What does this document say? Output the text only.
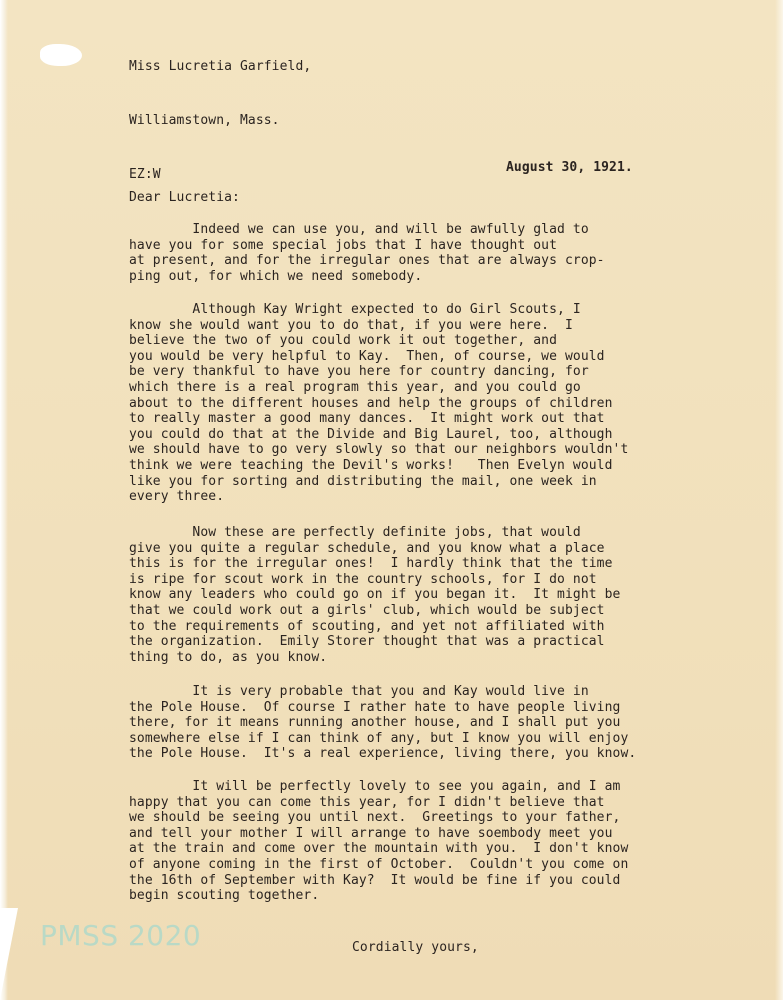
Miss Lucretia Garfield,

Williamstown, Mass.

EZ:W

	August 30, 1921.
Dear Lucretia:
Indeed we can use you, and will be awfully glad to
have you for some special jobs that I have thought out
at present, and for the irregular ones that are always crop-
ping out, for which we need somebody.
Although Kay Wright expected to do Girl Scouts, I
know she would want you to do that, if you were here.  I
believe the two of you could work it out together, and
you would be very helpful to Kay.  Then, of course, we would
be very thankful to have you here for country dancing, for
which there is a real program this year, and you could go
about to the different houses and help the groups of children
to really master a good many dances.  It might work out that
you could do that at the Divide and Big Laurel, too, although
we should have to go very slowly so that our neighbors wouldn't
think we were teaching the Devil's works!   Then Evelyn would
like you for sorting and distributing the mail, one week in
every three.
Now these are perfectly definite jobs, that would
give you quite a regular schedule, and you know what a place
this is for the irregular ones!  I hardly think that the time
is ripe for scout work in the country schools, for I do not
know any leaders who could go on if you began it.  It might be
that we could work out a girls' club, which would be subject
to the requirements of scouting, and yet not affiliated with
the organization.  Emily Storer thought that was a practical
thing to do, as you know.
It is very probable that you and Kay would live in
the Pole House.  Of course I rather hate to have people living
there, for it means running another house, and I shall put you
somewhere else if I can think of any, but I know you will enjoy
the Pole House.  It's a real experience, living there, you know.
It will be perfectly lovely to see you again, and I am
happy that you can come this year, for I didn't believe that
we should be seeing you until next.  Greetings to your father,
and tell your mother I will arrange to have soembody meet you
at the train and come over the mountain with you.  I don't know
of anyone coming in the first of October.  Couldn't you come on
the 16th of September with Kay?  It would be fine if you could
begin scouting together.
Cordially yours,
PMSS 2020
